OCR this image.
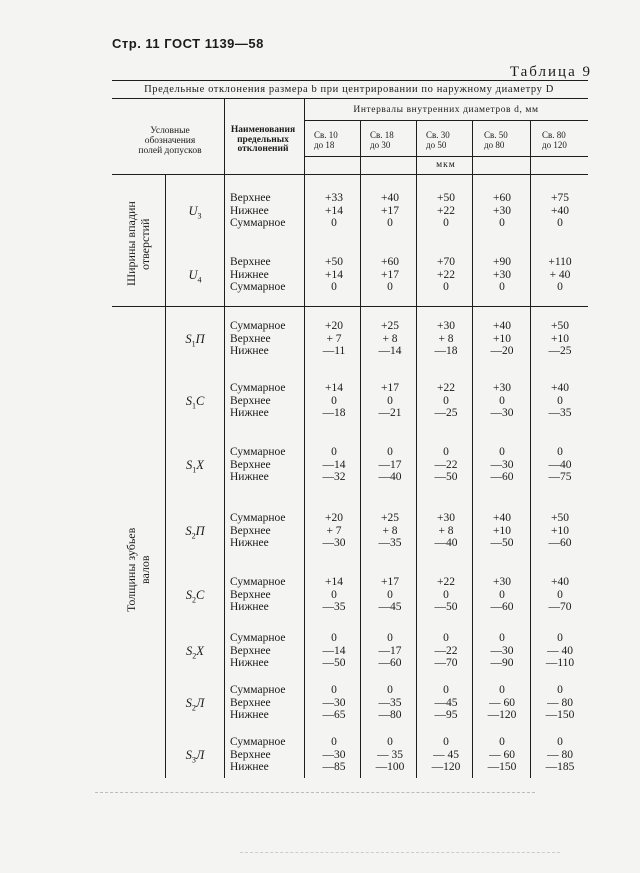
Стр. 11 ГОСТ 1139—58
Таблица 9
Предельные отклонения размера b при центрировании по наружному диаметру D
Условные
обозначения
полей допусков
Наименования
предельных
отклонений
Интервалы внутренних диаметров d, мм
Св. 10
до 18
Св. 18
до 30
Св. 30
до 50
Св. 50
до 80
Св. 80
до 120
мкм
Ширины впадин
отверстий
Толщины зубьев
валов
$U_3$
Верхнее
Нижнее
Суммарное
+33
+14
0
+40
+17
0
+50
+22
0
+60
+30
0
+75
+40
0
$U_4$
Верхнее
Нижнее
Суммарное
+50
+14
0
+60
+17
0
+70
+22
0
+90
+30
0
+110
+ 40
0
$S_1П$
Суммарное
Верхнее
Нижнее
+20
+ 7
—11
+25
+ 8
—14
+30
+ 8
—18
+40
+10
—20
+50
+10
—25
$S_1C$
Суммарное
Верхнее
Нижнее
+14
0
—18
+17
0
—21
+22
0
—25
+30
0
—30
+40
0
—35
$S_1X$
Суммарное
Верхнее
Нижнее
0
—14
—32
0
—17
—40
0
—22
—50
0
—30
—60
0
—40
—75
$S_2П$
Суммарное
Верхнее
Нижнее
+20
+ 7
—30
+25
+ 8
—35
+30
+ 8
—40
+40
+10
—50
+50
+10
—60
$S_2C$
Суммарное
Верхнее
Нижнее
+14
0
—35
+17
0
—45
+22
0
—50
+30
0
—60
+40
0
—70
$S_2X$
Суммарное
Верхнее
Нижнее
0
—14
—50
0
—17
—60
0
—22
—70
0
—30
—90
0
— 40
—110
$S_2Л$
Суммарное
Верхнее
Нижнее
0
—30
—65
0
—35
—80
0
—45
—95
0
— 60
—120
0
— 80
—150
$S_3Л$
Суммарное
Верхнее
Нижнее
0
—30
—85
0
— 35
—100
0
— 45
—120
0
— 60
—150
0
— 80
—185
